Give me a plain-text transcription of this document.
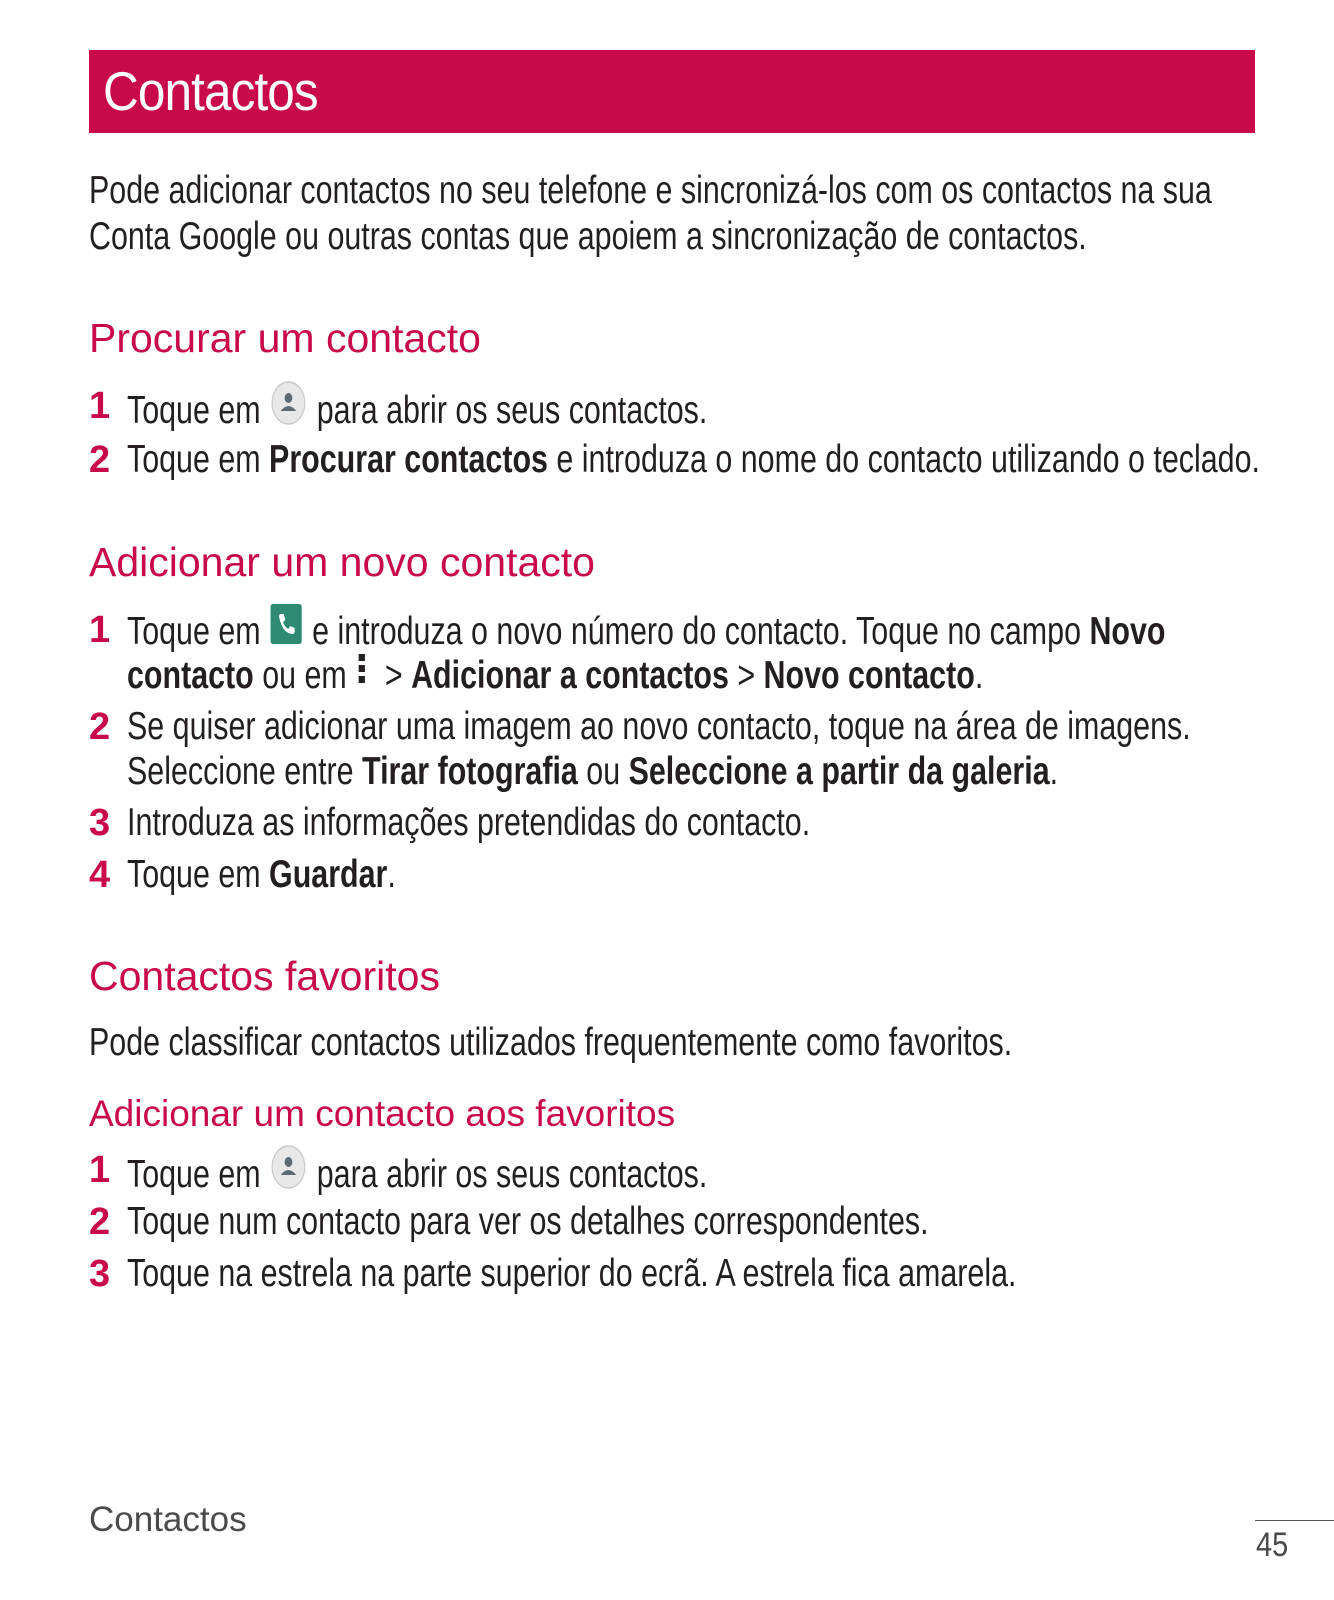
Contactos
Pode adicionar contactos no seu telefone e sincronizá-los com os contactos na sua
Conta Google ou outras contas que apoiem a sincronização de contactos.
Procurar um contacto
1 Toque em para abrir os seus contactos.
2 Toque em Procurar contactos e introduza o nome do contacto utilizando o teclado.
Adicionar um novo contacto
1 Toque em e introduza o novo número do contacto. Toque no campo Novo
contacto ou em > Adicionar a contactos > Novo contacto.
2 Se quiser adicionar uma imagem ao novo contacto, toque na área de imagens.
Seleccione entre Tirar fotografia ou Seleccione a partir da galeria.
3 Introduza as informações pretendidas do contacto.
4 Toque em Guardar.
Contactos favoritos
Pode classificar contactos utilizados frequentemente como favoritos.
Adicionar um contacto aos favoritos
1 Toque em para abrir os seus contactos.
2 Toque num contacto para ver os detalhes correspondentes.
3 Toque na estrela na parte superior do ecrã. A estrela fica amarela.
Contactos
45
